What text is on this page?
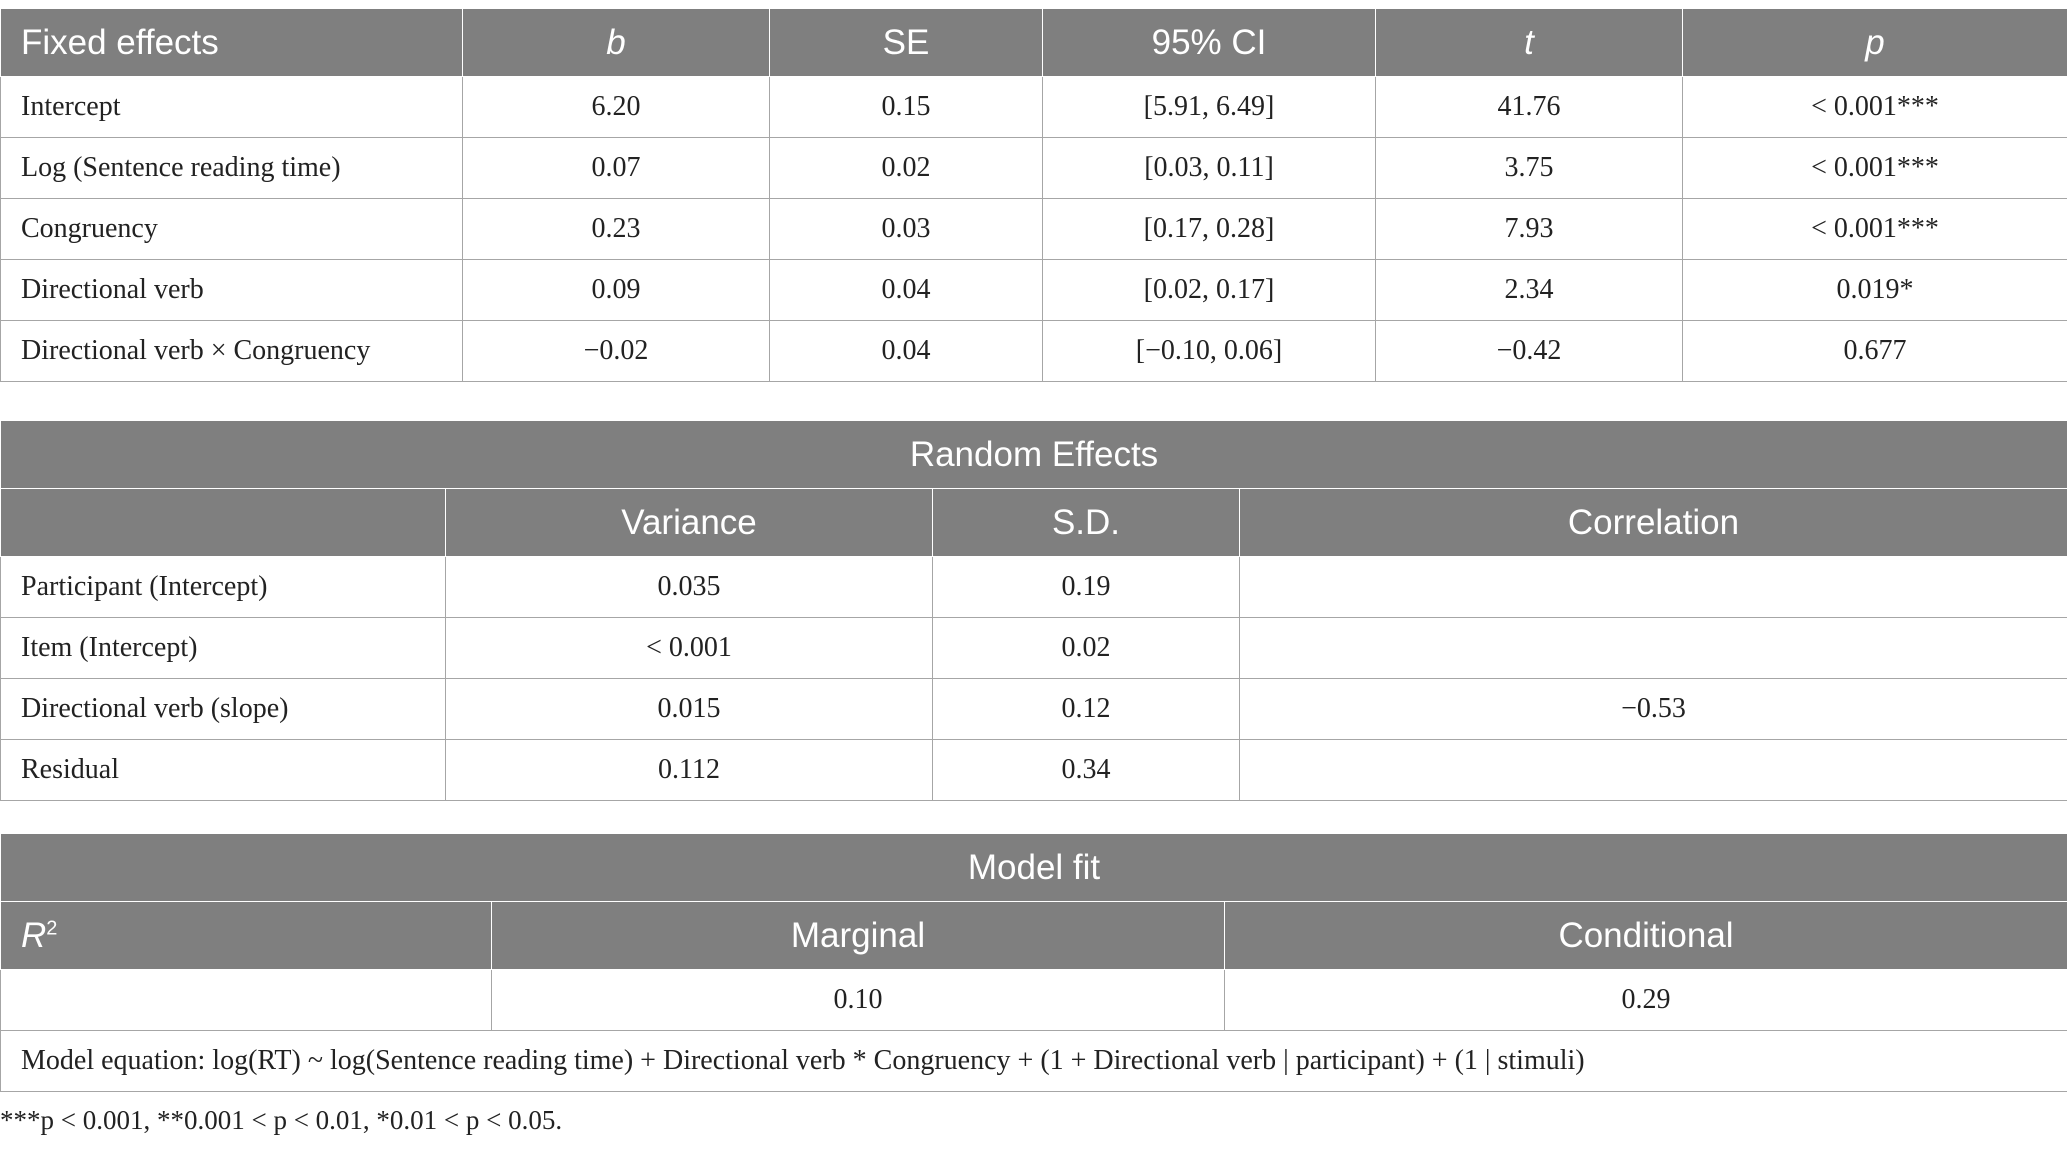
Fixed effects	b	SE	95% CI	t	p
Intercept	6.20	0.15	[5.91, 6.49]	41.76	< 0.001***
Log (Sentence reading time)	0.07	0.02	[0.03, 0.11]	3.75	< 0.001***
Congruency	0.23	0.03	[0.17, 0.28]	7.93	< 0.001***
Directional verb	0.09	0.04	[0.02, 0.17]	2.34	0.019*
Directional verb × Congruency	−0.02	0.04	[−0.10, 0.06]	−0.42	0.677
Random Effects			
	Variance	S.D.	Correlation
Participant (Intercept)	0.035	0.19	
Item (Intercept)	< 0.001	0.02	
Directional verb (slope)	0.015	0.12	−0.53
Residual	0.112	0.34	
Model fit		
$R^2$	Marginal	Conditional
	0.10	0.29
Model equation: log(RT) ~ log(Sentence reading time) + Directional verb * Congruency + (1 + Directional verb | participant) + (1 | stimuli)		
***p < 0.001, **0.001 < p < 0.01, *0.01 < p < 0.05.
